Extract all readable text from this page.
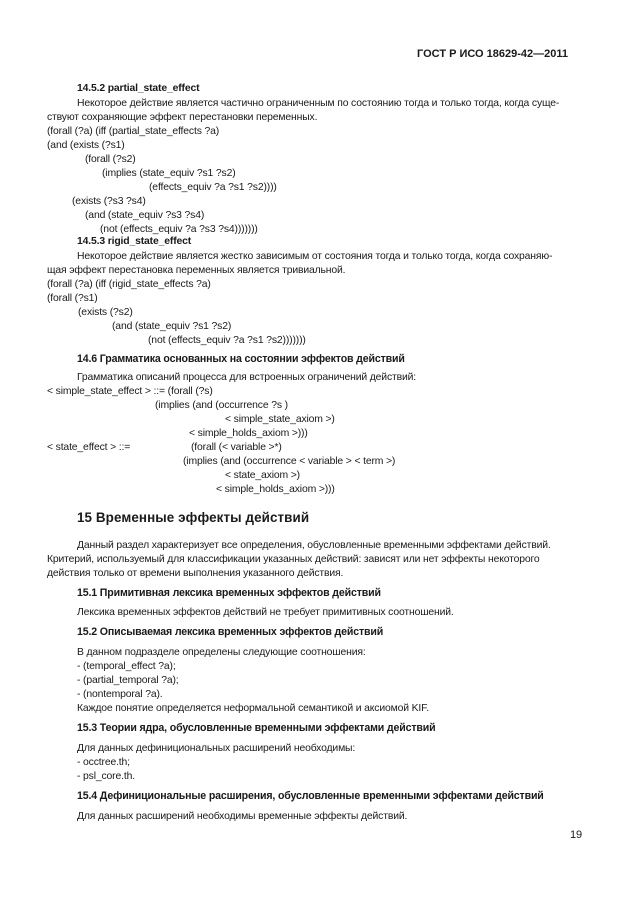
ГОСТ Р ИСО 18629-42—2011
14.5.2 partial_state_effect
Некоторое действие является частично ограниченным по состоянию тогда и только тогда, когда суще-
ствуют сохраняющие эффект перестановки переменных.
(forall (?a) (iff (partial_state_effects ?a)
(and (exists (?s1)
(forall (?s2)
(implies (state_equiv ?s1 ?s2)
(effects_equiv ?a ?s1 ?s2))))
(exists (?s3 ?s4)
(and (state_equiv ?s3 ?s4)
(not (effects_equiv ?a ?s3 ?s4)))))))
14.5.3 rigid_state_effect
Некоторое действие является жестко зависимым от состояния тогда и только тогда, когда сохраняю-
щая эффект перестановка переменных является тривиальной.
(forall (?a) (iff (rigid_state_effects ?a)
(forall (?s1)
(exists (?s2)
(and (state_equiv ?s1 ?s2)
(not (effects_equiv ?a ?s1 ?s2)))))))
14.6 Грамматика основанных на состоянии эффектов действий
Грамматика описаний процесса для встроенных ограничений действий:
< simple_state_effect > ::= (forall (?s)
(implies (and (occurrence ?s )
< simple_state_axiom >)
< simple_holds_axiom >)))
< state_effect > ::=	(forall (< variable >*)
(implies (and (occurrence < variable > < term >)
< state_axiom >)
< simple_holds_axiom >)))
15 Временные эффекты действий
Данный раздел характеризует все определения, обусловленные временными эффектами действий.
Критерий, используемый для классификации указанных действий: зависят или нет эффекты некоторого
действия только от времени выполнения указанного действия.
15.1 Примитивная лексика временных эффектов действий
Лексика временных эффектов действий не требует примитивных соотношений.
15.2 Описываемая лексика временных эффектов действий
В данном подразделе определены следующие соотношения:
- (temporal_effect ?a);
- (partial_temporal ?a);
- (nontemporal ?a).
Каждое понятие определяется неформальной семантикой и аксиомой KIF.
15.3 Теории ядра, обусловленные временными эффектами действий
Для данных дефинициональных расширений необходимы:
- occtree.th;
- psl_core.th.
15.4 Дефинициональные расширения, обусловленные временными эффектами действий
Для данных расширений необходимы временные эффекты действий.
19
